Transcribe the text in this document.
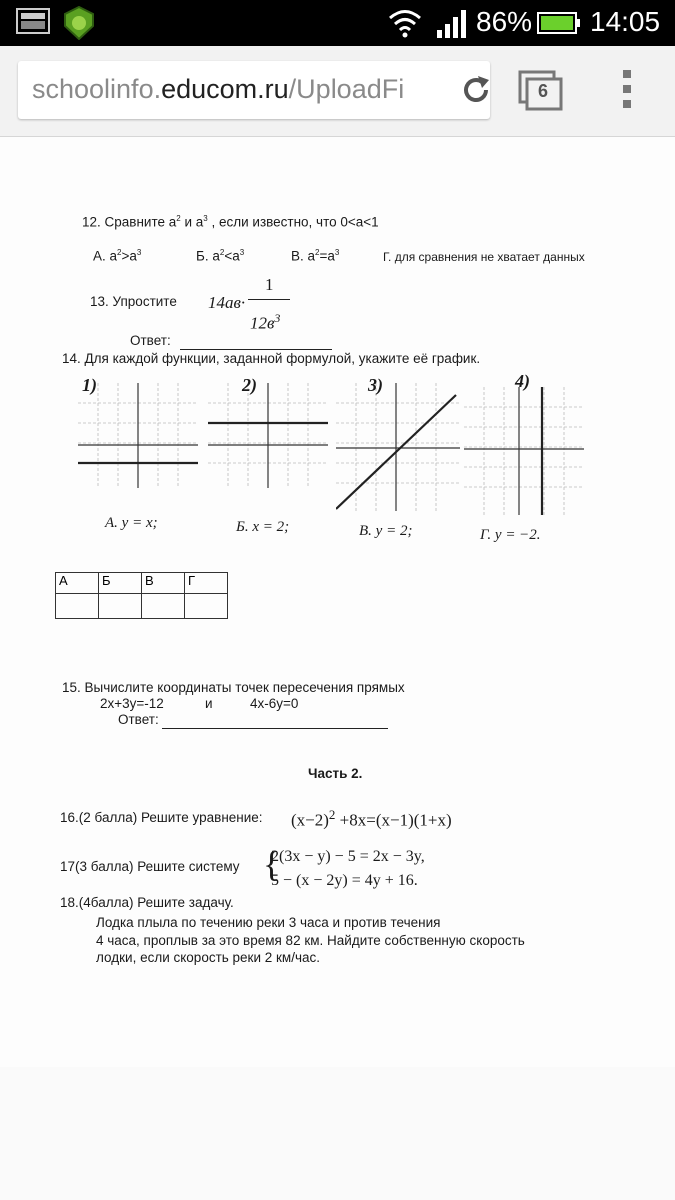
86% 14:05
schoolinfo.educom.ru/UploadFi	6
12. Сравните $a^2$ и $a^3$ , если известно, что 0<a<1
А. $a^2>a^3$	Б. $a^2<a^3$	В. $a^2=a^3$	Г. для сравнения не хватает данных
13. Упростите 14ав·
1
$12в^3$
Ответ:
14. Для каждой функции, заданной формулой, укажите её график.
1)	2)	3)	4)
А. y = x;	Б. x = 2;	В. y = 2;	Г. y = −2.
А	Б	В	Г

15. Вычислите координаты точек пересечения прямых
2x+3y=-12	и	4x-6y=0
Ответ:
Часть 2.
16.(2 балла) Решите уравнение: $(x-2)^2 +8x=(x-1)(1+x)$
17(3 балла) Решите систему {
2(3x − y) − 5 = 2x − 3y,
5 − (x − 2y) = 4y + 16.
18.(4балла) Решите задачу.
Лодка плыла по течению реки 3 часа и против течения
4 часа, проплыв за это время 82 км. Найдите собственную скорость
лодки, если скорость реки 2 км/час.
